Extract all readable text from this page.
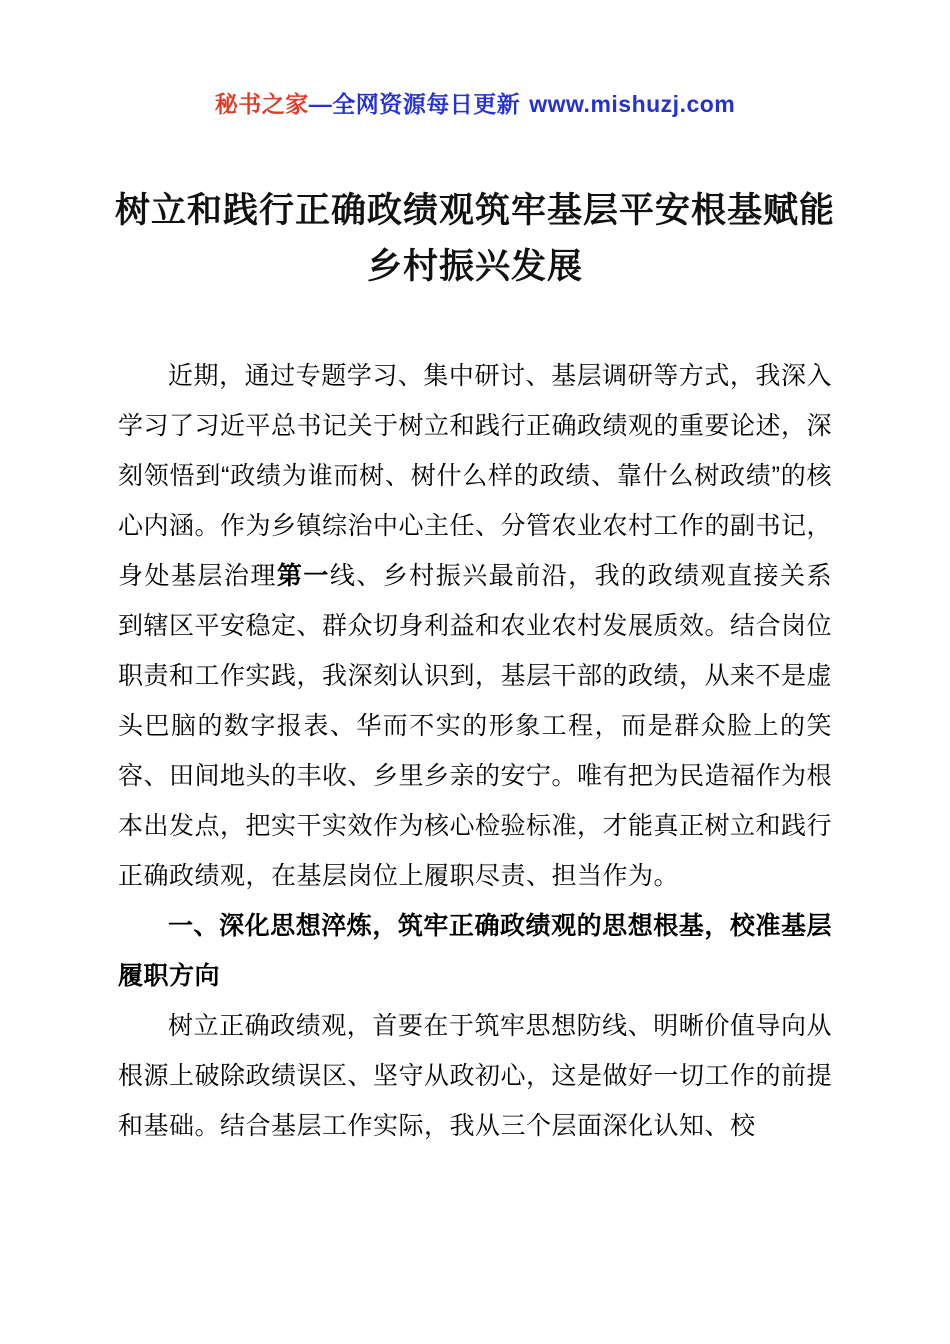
秘书之家—全网资源每日更新 www.mishuzj.com
树立和践行正确政绩观筑牢基层平安根基赋能乡村振兴发展

近期，通过专题学习、集中研讨、基层调研等方式，我深入学习了习近平总书记关于树立和践行正确政绩观的重要论述，深刻领悟到“政绩为谁而树、树什么样的政绩、靠什么树政绩”的核心内涵。作为乡镇综治中心主任、分管农业农村工作的副书记，身处基层治理第一线、乡村振兴最前沿，我的政绩观直接关系到辖区平安稳定、群众切身利益和农业农村发展质效。结合岗位职责和工作实践，我深刻认识到，基层干部的政绩，从来不是虚头巴脑的数字报表、华而不实的形象工程，而是群众脸上的笑容、田间地头的丰收、乡里乡亲的安宁。唯有把为民造福作为根本出发点，把实干实效作为核心检验标准，才能真正树立和践行正确政绩观，在基层岗位上履职尽责、担当作为。

一、深化思想淬炼，筑牢正确政绩观的思想根基，校准基层履职方向

树立正确政绩观，首要在于筑牢思想防线、明晰价值导向从根源上破除政绩误区、坚守从政初心，这是做好一切工作的前提和基础。结合基层工作实际，我从三个层面深化认知、校
